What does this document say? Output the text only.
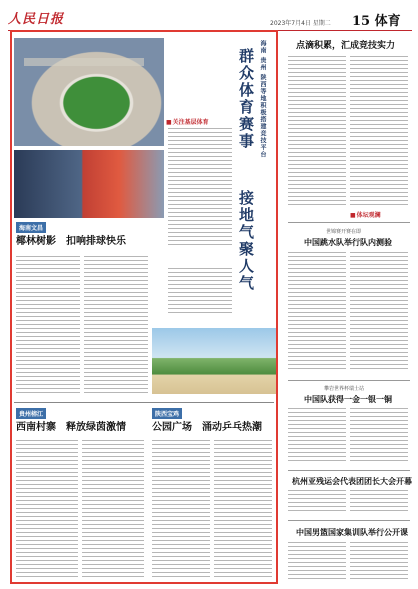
人民日报	2023年7月4日 星期二 15 体育
■ 关注基层体育	海南 贵州 陕西等地积极搭建竞技平台
群众体育赛事
接地气聚人气
海南文昌
椰林树影　扣响排球快乐
贵州榕江
西南村寨　释放绿茵激情
陕西宝鸡
公园广场　涌动乒乓热潮
点滴积累，汇成竞技实力
■ 体坛观澜
世锦赛开赛在即
中国跳水队举行队内测验
攀岩世界杯瑞士站
中国队获得一金一银一铜
杭州亚残运会代表团团长大会开幕
中国男篮国家集训队举行公开课
